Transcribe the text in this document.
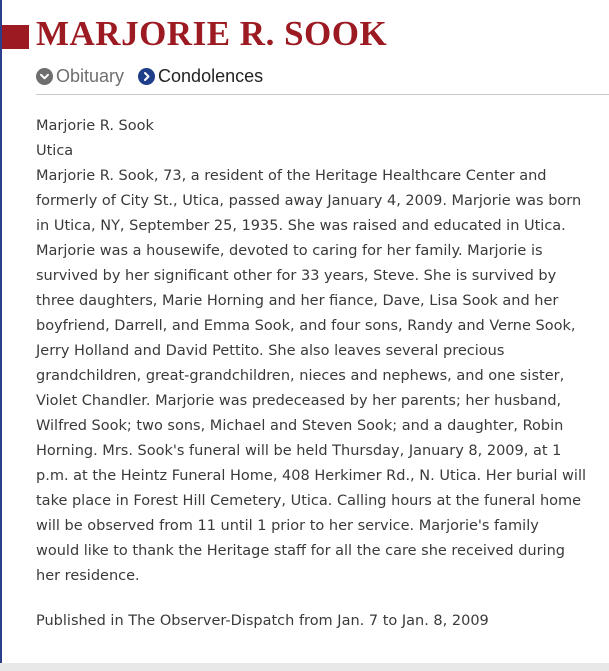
MARJORIE R. SOOK
Obituary Condolences

Marjorie R. Sook

Utica

Marjorie R. Sook, 73, a resident of the Heritage Healthcare Center and formerly of City St., Utica, passed away January 4, 2009. Marjorie was born in Utica, NY, September 25, 1935. She was raised and educated in Utica. Marjorie was a housewife, devoted to caring for her family. Marjorie is survived by her significant other for 33 years, Steve. She is survived by three daughters, Marie Horning and her fiance, Dave, Lisa Sook and her boyfriend, Darrell, and Emma Sook, and four sons, Randy and Verne Sook, Jerry Holland and David Pettito. She also leaves several precious grandchildren, great-grandchildren, nieces and nephews, and one sister, Violet Chandler. Marjorie was predeceased by her parents; her husband, Wilfred Sook; two sons, Michael and Steven Sook; and a daughter, Robin Horning. Mrs. Sook's funeral will be held Thursday, January 8, 2009, at 1 p.m. at the Heintz Funeral Home, 408 Herkimer Rd., N. Utica. Her burial will take place in Forest Hill Cemetery, Utica. Calling hours at the funeral home will be observed from 11 until 1 prior to her service. Marjorie's family would like to thank the Heritage staff for all the care she received during her residence.

Published in The Observer-Dispatch from Jan. 7 to Jan. 8, 2009
